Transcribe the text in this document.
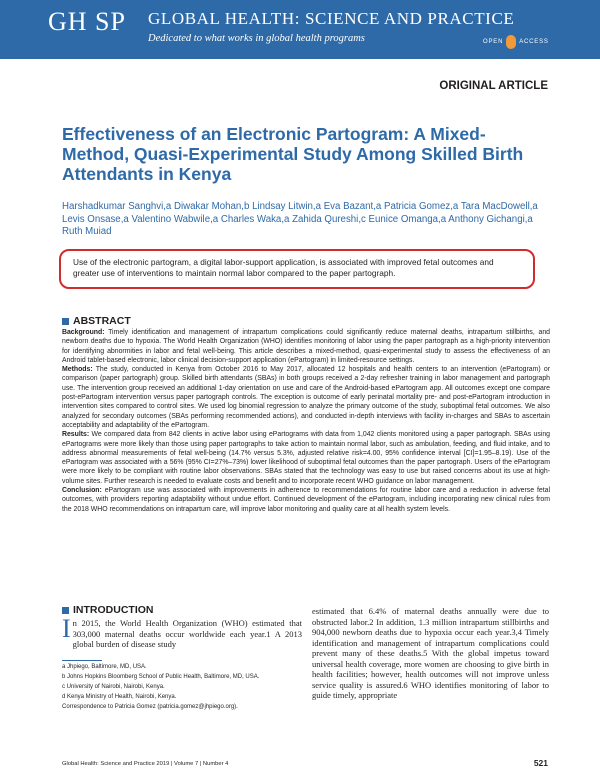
GH SP GLOBAL HEALTH: SCIENCE AND PRACTICE
Dedicated to what works in global health programs	OPEN	ACCESS
ORIGINAL ARTICLE
Effectiveness of an Electronic Partogram: A Mixed-Method, Quasi-Experimental Study Among Skilled Birth Attendants in Kenya
Harshadkumar Sanghvi,a Diwakar Mohan,b Lindsay Litwin,a Eva Bazant,a Patricia Gomez,a Tara MacDowell,a Levis Onsase,a Valentino Wabwile,a Charles Waka,a Zahida Qureshi,c Eunice Omanga,a Anthony Gichangi,a Ruth Muiad
Use of the electronic partogram, a digital labor-support application, is associated with improved fetal outcomes and greater use of interventions to maintain normal labor compared to the paper partograph.
ABSTRACT

Background: Timely identification and management of intrapartum complications could significantly reduce maternal deaths, intrapartum stillbirths, and newborn deaths due to hypoxia. The World Health Organization (WHO) identifies monitoring of labor using the paper partograph as a high-priority intervention for identifying abnormities in labor and fetal well-being. This article describes a mixed-method, quasi-experimental study to assess the effectiveness of an Android tablet-based electronic, labor clinical decision-support application (ePartogram) in limited-resource settings.

Methods: The study, conducted in Kenya from October 2016 to May 2017, allocated 12 hospitals and health centers to an intervention (ePartogram) or comparison (paper partograph) group. Skilled birth attendants (SBAs) in both groups received a 2-day refresher training in labor management and partograph use. The intervention group received an additional 1-day orientation on use and care of the Android-based ePartogram app. All outcomes except one compare post-ePartogram intervention versus paper partograph controls. The exception is outcome of early perinatal mortality pre- and post-ePartogram introduction in intervention sites compared to control sites. We used log binomial regression to analyze the primary outcome of the study, suboptimal fetal outcomes. We also analyzed for secondary outcomes (SBAs performing recommended actions), and conducted in-depth interviews with facility in-charges and SBAs to ascertain acceptability and adaptability of the ePartogram.

Results: We compared data from 842 clients in active labor using ePartograms with data from 1,042 clients monitored using a paper partograph. SBAs using ePartograms were more likely than those using paper partographs to take action to maintain normal labor, such as ambulation, feeding, and fluid intake, and to address abnormal measurements of fetal well-being (14.7% versus 5.3%, adjusted relative risk=4.00, 95% confidence interval [CI]=1.95–8.19). Use of the ePartogram was associated with a 56% (95% CI=27%–73%) lower likelihood of suboptimal fetal outcomes than the paper partograph. Users of the ePartogram were more likely to be compliant with routine labor observations. SBAs stated that the technology was easy to use but raised concerns about its use at high-volume sites. Further research is needed to evaluate costs and benefit and to incorporate recent WHO guidance on labor management.

Conclusion: ePartogram use was associated with improvements in adherence to recommendations for routine labor care and a reduction in adverse fetal outcomes, with providers reporting adaptability without undue effort. Continued development of the ePartogram, including incorporating new clinical rules from the 2018 WHO recommendations on intrapartum care, will improve labor monitoring and quality care at all health system levels.

INTRODUCTION
In 2015, the World Health Organization (WHO) estimated that 303,000 maternal deaths occur worldwide each year.1 A 2013 global burden of disease study
a Jhpiego, Baltimore, MD, USA.
b Johns Hopkins Bloomberg School of Public Health, Baltimore, MD, USA.
c University of Nairobi, Nairobi, Kenya.
d Kenya Ministry of Health, Nairobi, Kenya.
Correspondence to Patricia Gomez (patricia.gomez@jhpiego.org).
estimated that 6.4% of maternal deaths annually were due to obstructed labor.2 In addition, 1.3 million intrapartum stillbirths and 904,000 newborn deaths due to hypoxia occur each year.3,4 Timely identification and management of intrapartum complications could prevent many of these deaths.5 With the global impetus toward universal health coverage, more women are choosing to give birth in health facilities; however, health outcomes will not improve unless service quality is assured.6 WHO identifies monitoring of labor to guide timely, appropriate
Global Health: Science and Practice 2019 | Volume 7 | Number 4	521
